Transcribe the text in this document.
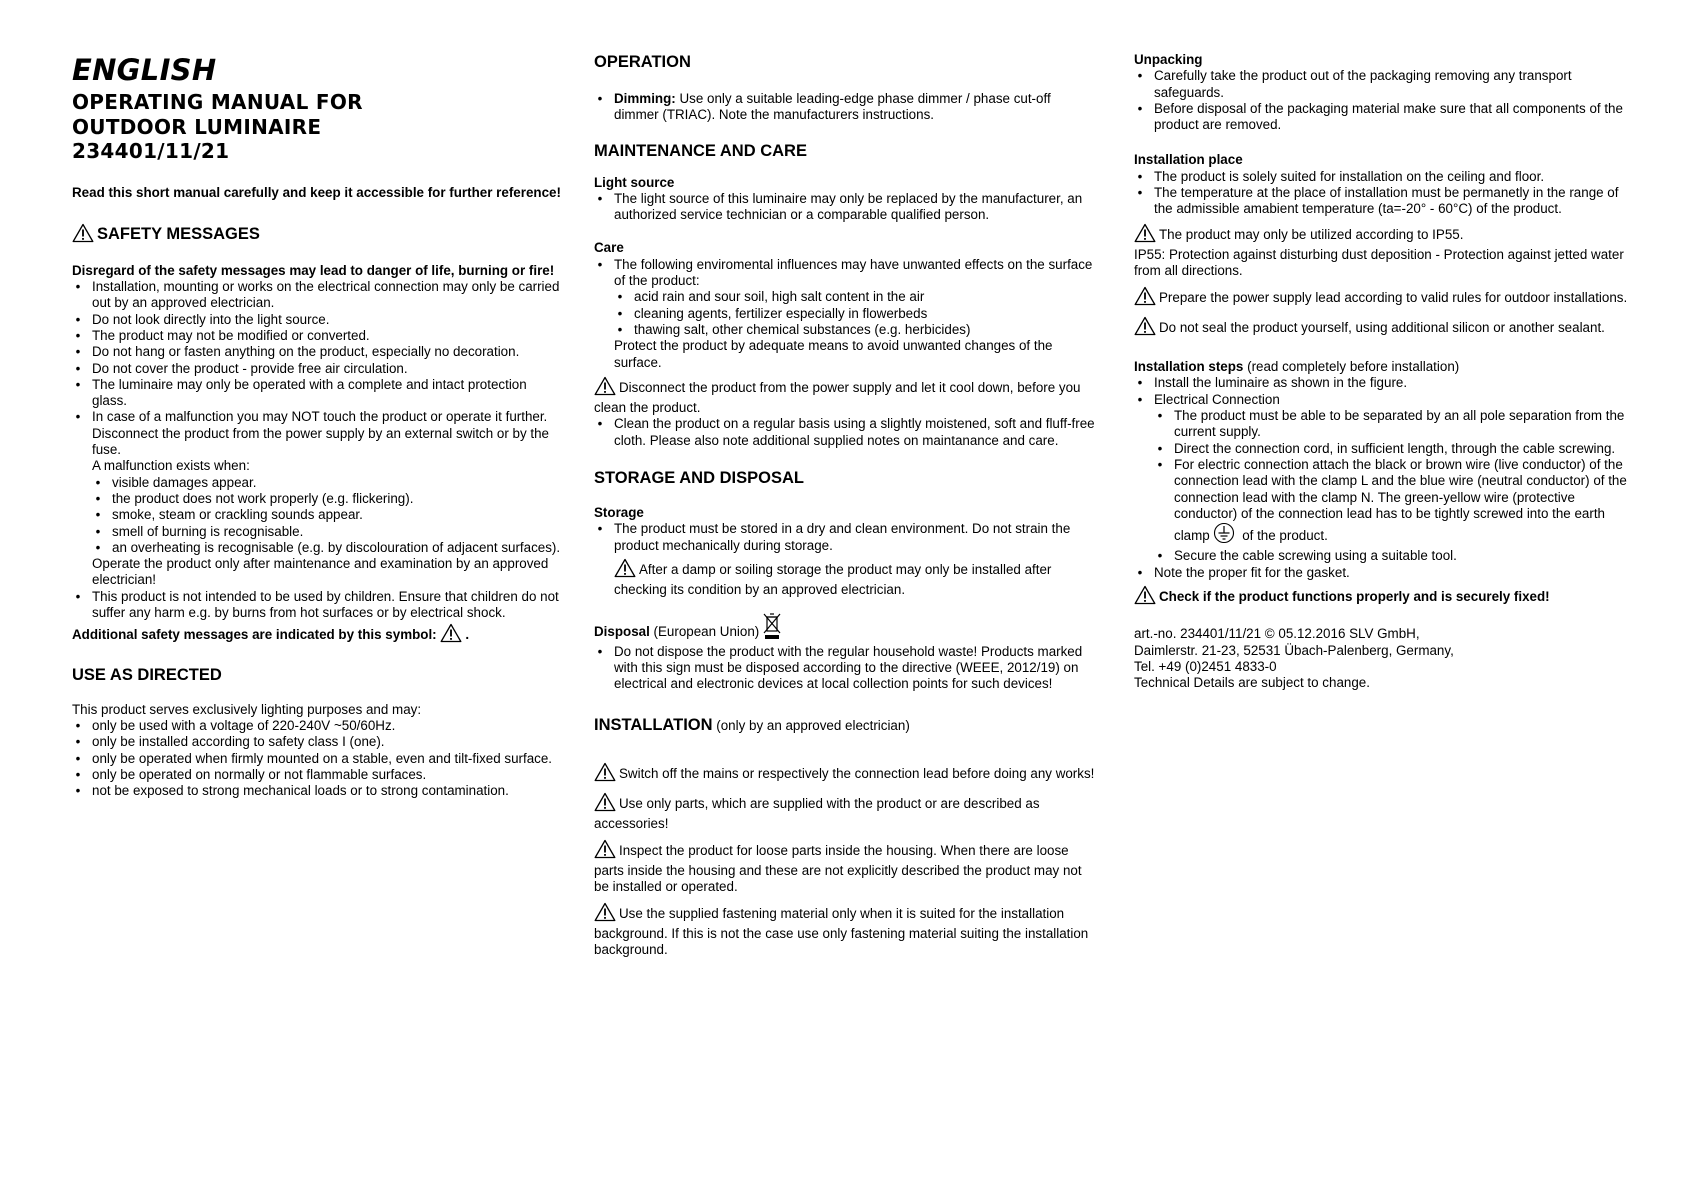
ENGLISH
OPERATING MANUAL FOR
OUTDOOR LUMINAIRE
234401/11/21

Read this short manual carefully and keep it accessible for further reference!

SAFETY MESSAGES

Disregard of the safety messages may lead to danger of life, burning or fire!

• Installation, mounting or works on the electrical connection may only be carried out by an approved electrician.
• Do not look directly into the light source.
• The product may not be modified or converted.
• Do not hang or fasten anything on the product, especially no decoration.
• Do not cover the product - provide free air circulation.
• The luminaire may only be operated with a complete and intact protection glass.
• In case of a malfunction you may NOT touch the product or operate it further. Disconnect the product from the power supply by an external switch or by the fuse.
A malfunction exists when:
• visible damages appear.
• the product does not work properly (e.g. flickering).
• smoke, steam or crackling sounds appear.
• smell of burning is recognisable.
• an overheating is recognisable (e.g. by discolouration of adjacent surfaces).
Operate the product only after maintenance and examination by an approved electrician!
• This product is not intended to be used by children. Ensure that children do not suffer any harm e.g. by burns from hot surfaces or by electrical shock.

Additional safety messages are indicated by this symbol: .

USE AS DIRECTED

This product serves exclusively lighting purposes and may:

• only be used with a voltage of 220-240V ~50/60Hz.
• only be installed according to safety class I (one).
• only be operated when firmly mounted on a stable, even and tilt-fixed surface.
• only be operated on normally or not flammable surfaces.
• not be exposed to strong mechanical loads or to strong contamination.
OPERATION
• Dimming: Use only a suitable leading-edge phase dimmer / phase cut-off dimmer (TRIAC). Note the manufacturers instructions.
MAINTENANCE AND CARE

Light source

• The light source of this luminaire may only be replaced by the manufacturer, an authorized service technician or a comparable qualified person.

Care

• The following enviromental influences may have unwanted effects on the surface of the product:
• acid rain and sour soil, high salt content in the air
• cleaning agents, fertilizer especially in flowerbeds
• thawing salt, other chemical substances (e.g. herbicides)
Protect the product by adequate means to avoid unwanted changes of the surface.

Disconnect the product from the power supply and let it cool down, before you clean the product.

• Clean the product on a regular basis using a slightly moistened, soft and fluff-free cloth. Please also note additional supplied notes on maintanance and care.
STORAGE AND DISPOSAL

Storage

• The product must be stored in a dry and clean environment. Do not strain the product mechanically during storage.
After a damp or soiling storage the product may only be installed after checking its condition by an approved electrician.

Disposal (European Union)

• Do not dispose the product with the regular household waste! Products marked with this sign must be disposed according to the directive (WEEE, 2012/19) on electrical and electronic devices at local collection points for such devices!
INSTALLATION (only by an approved electrician)

Switch off the mains or respectively the connection lead before doing any works!

Use only parts, which are supplied with the product or are described as accessories!

Inspect the product for loose parts inside the housing. When there are loose parts inside the housing and these are not explicitly described the product may not be installed or operated.

Use the supplied fastening material only when it is suited for the installation background. If this is not the case use only fastening material suiting the installation background.

Unpacking

• Carefully take the product out of the packaging removing any transport safeguards.
• Before disposal of the packaging material make sure that all components of the product are removed.

Installation place

• The product is solely suited for installation on the ceiling and floor.
• The temperature at the place of installation must be permanetly in the range of the admissible amabient temperature (ta=-20° - 60°C) of the product.

The product may only be utilized according to IP55.

IP55: Protection against disturbing dust deposition - Protection against jetted water from all directions.

Prepare the power supply lead according to valid rules for outdoor installations.

Do not seal the product yourself, using additional silicon or another sealant.

Installation steps (read completely before installation)

• Install the luminaire as shown in the figure.
• Electrical Connection
• The product must be able to be separated by an all pole separation from the current supply.
• Direct the connection cord, in sufficient length, through the cable screwing.
• For electric connection attach the black or brown wire (live conductor) of the connection lead with the clamp L and the blue wire (neutral conductor) of the connection lead with the clamp N. The green-yellow wire (protective conductor) of the connection lead has to be tightly screwed into the earth clamp  of the product.
• Secure the cable screwing using a suitable tool.
• Note the proper fit for the gasket.

Check if the product functions properly and is securely fixed!

art.-no. 234401/11/21 © 05.12.2016 SLV GmbH,
Daimlerstr. 21-23, 52531 Übach-Palenberg, Germany,
Tel. +49 (0)2451 4833-0
Technical Details are subject to change.
